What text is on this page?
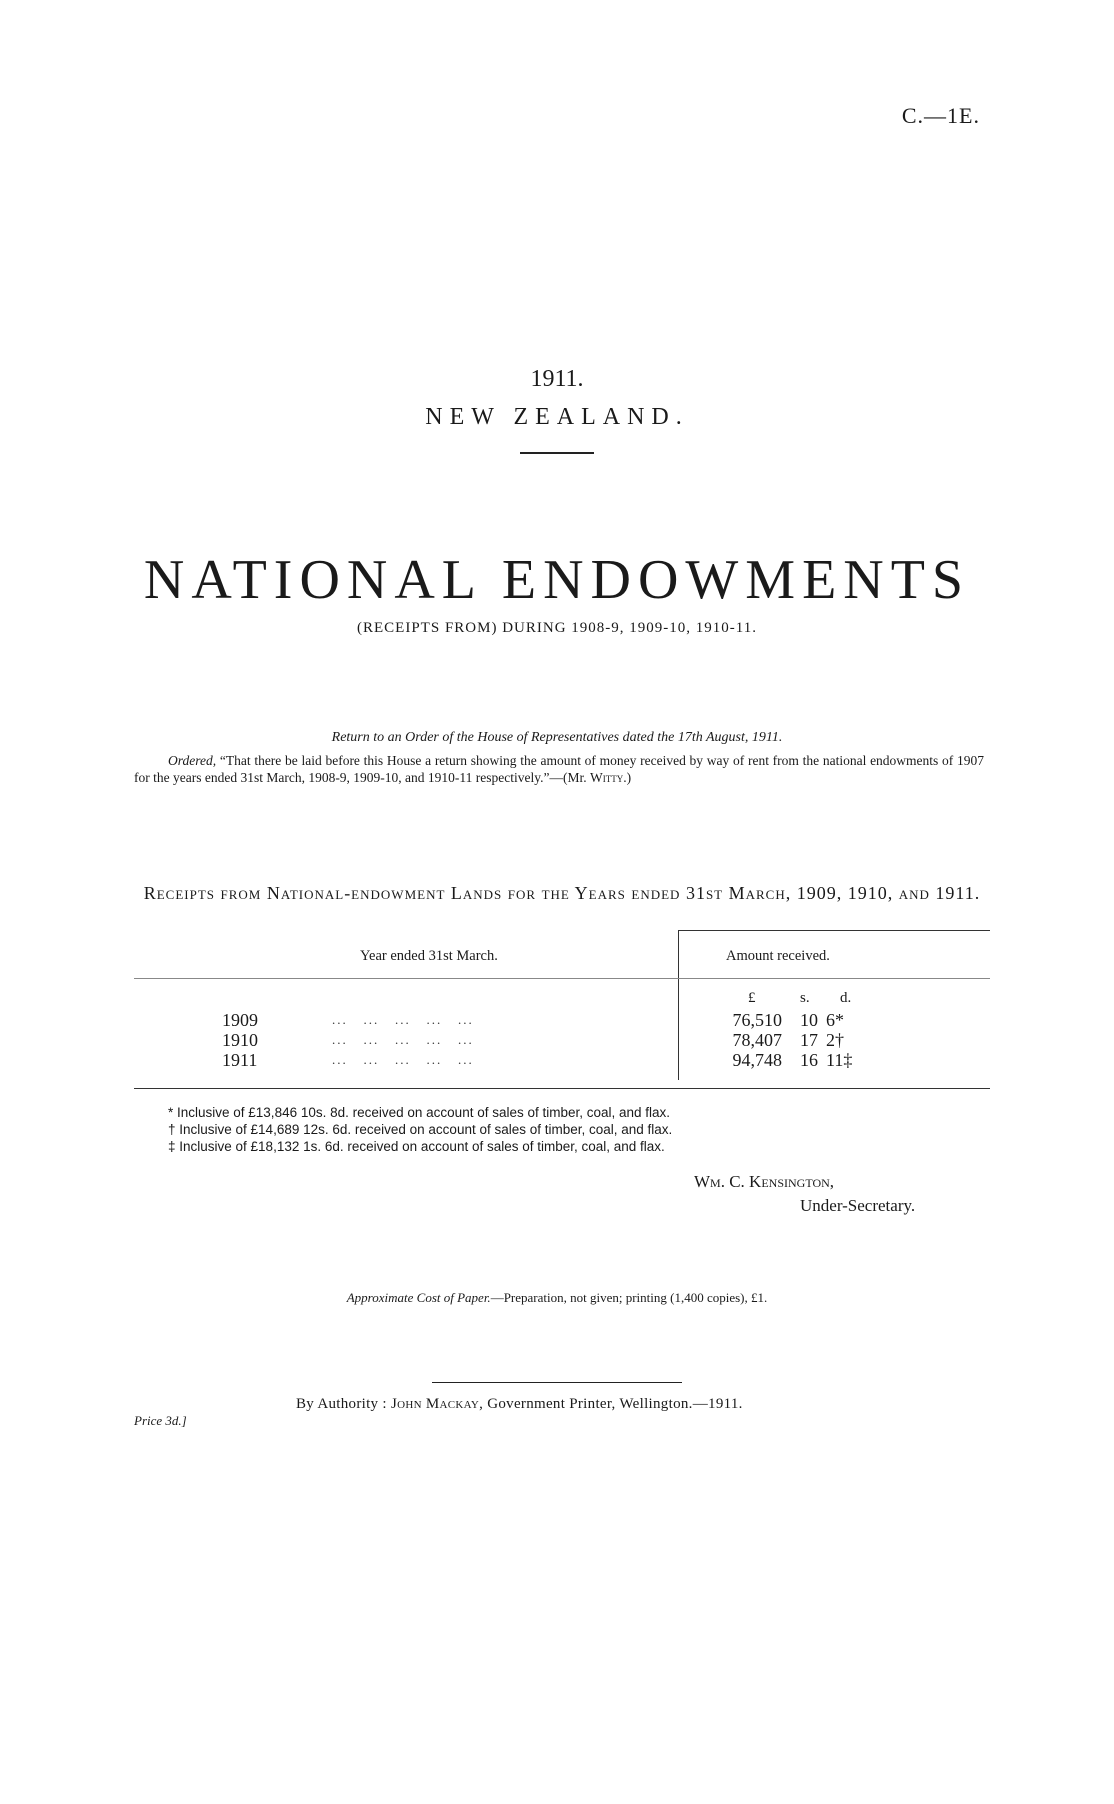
C.—1E.
1911.
NEW ZEALAND.
NATIONAL ENDOWMENTS
(RECEIPTS FROM) DURING 1908-9, 1909-10, 1910-11.
Return to an Order of the House of Representatives dated the 17th August, 1911.
Ordered, “That there be laid before this House a return showing the amount of money received by way of rent from the national endowments of 1907 for the years ended 31st March, 1908-9, 1909-10, and 1910-11 respectively.”—(Mr. Witty.)
Receipts from National-endowment Lands for the Years ended 31st March, 1909, 1910, and 1911.
Year ended 31st March.	Amount received.
£	s. d.
1909	...   ...   ...   ...   ...	76,510	10 6*
1910	...   ...   ...   ...   ...	78,407	17 2†
1911	...   ...   ...   ...   ...	94,748	16 11‡
* Inclusive of £13,846 10s. 8d. received on account of sales of timber, coal, and flax.
† Inclusive of £14,689 12s. 6d. received on account of sales of timber, coal, and flax.
‡ Inclusive of £18,132 1s. 6d. received on account of sales of timber, coal, and flax.
Wm. C. Kensington,
Under-Secretary.
Approximate Cost of Paper.—Preparation, not given; printing (1,400 copies), £1.
Price 3d.]
By Authority : John Mackay, Government Printer, Wellington.—1911.
